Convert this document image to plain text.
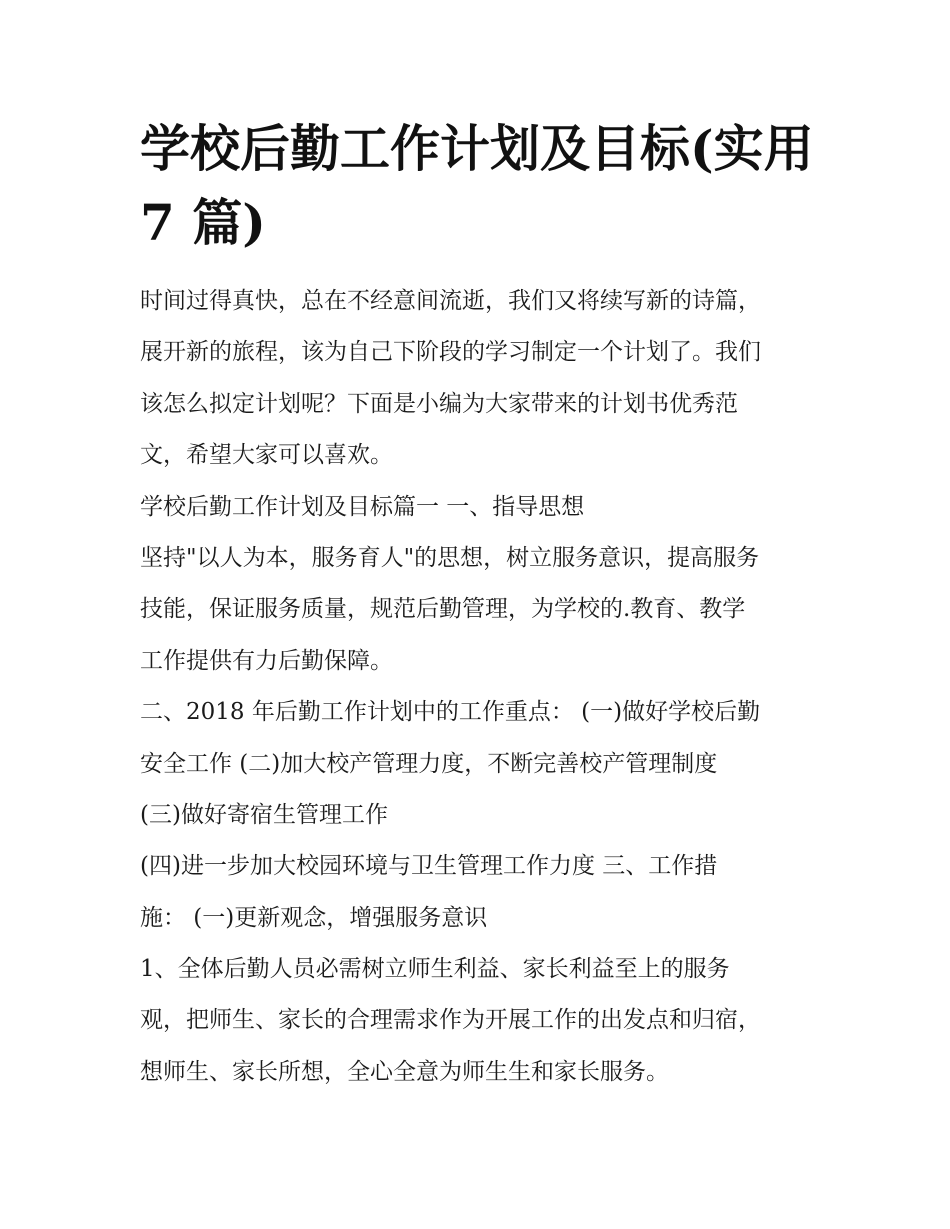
学校后勤工作计划及目标(实用
7 篇)
时间过得真快，总在不经意间流逝，我们又将续写新的诗篇，
展开新的旅程，该为自己下阶段的学习制定一个计划了。我们
该怎么拟定计划呢？下面是小编为大家带来的计划书优秀范
文，希望大家可以喜欢。
学校后勤工作计划及目标篇一 一、指导思想
坚持"以人为本，服务育人"的思想，树立服务意识，提高服务
技能，保证服务质量，规范后勤管理，为学校的.教育、教学
工作提供有力后勤保障。
二、2018 年后勤工作计划中的工作重点： (一)做好学校后勤
安全工作 (二)加大校产管理力度，不断完善校产管理制度
(三)做好寄宿生管理工作
(四)进一步加大校园环境与卫生管理工作力度 三、工作措
施： (一)更新观念，增强服务意识
1、全体后勤人员必需树立师生利益、家长利益至上的服务
观，把师生、家长的合理需求作为开展工作的出发点和归宿，
想师生、家长所想，全心全意为师生生和家长服务。
